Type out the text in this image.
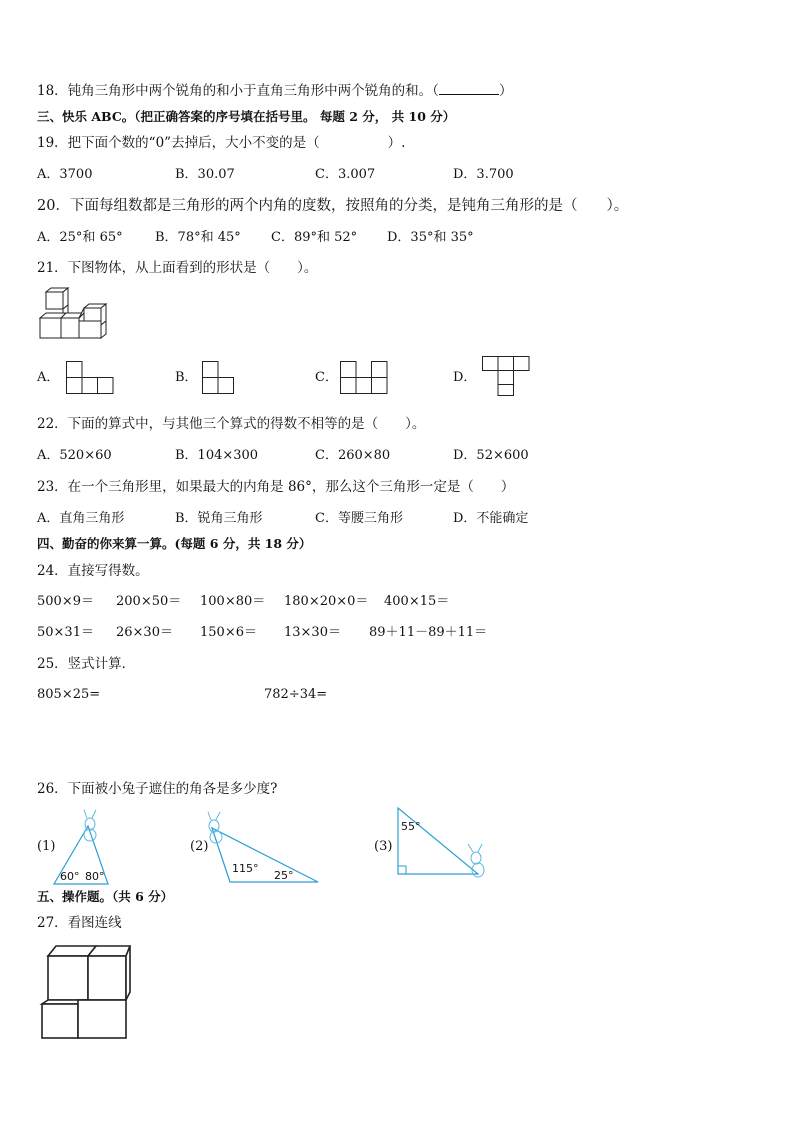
18．钝角三角形中两个锐角的和小于直角三角形中两个锐角的和。（	）
三、快乐 ABC。（把正确答案的序号填在括号里。 每题 2 分， 共 10 分）
19．把下面个数的“0”去掉后，大小不变的是（	）.
A．3700	B．30.07	C．3.007	D．3.700
20．下面每组数都是三角形的两个内角的度数，按照角的分类，是钝角三角形的是（　　）。
A．25°和 65° B．78°和 45° C．89°和 52° D．35°和 35°
21．下图物体，从上面看到的形状是（　　）。
A．	B．	C．	D．
22．下面的算式中，与其他三个算式的得数不相等的是（　　）。
A．520×60	B．104×300	C．260×80	D．52×600
23．在一个三角形里，如果最大的内角是 86°，那么这个三角形一定是（　　）
A．直角三角形	B．锐角三角形	C．等腰三角形	D．不能确定
四、勤奋的你来算一算。(每题 6 分，共 18 分）
24．直接写得数。
500×9＝ 200×50＝ 100×80＝ 180×20×0＝ 400×15＝
50×31＝ 26×30＝ 150×6＝ 13×30＝ 89＋11－89＋11＝
25．竖式计算．
805×25=	782÷34=
26．下面被小兔子遮住的角各是多少度?
(1)
60° 80°
(2)
115°
25°
(3)
55°
五、操作题。（共 6 分）
27．看图连线
